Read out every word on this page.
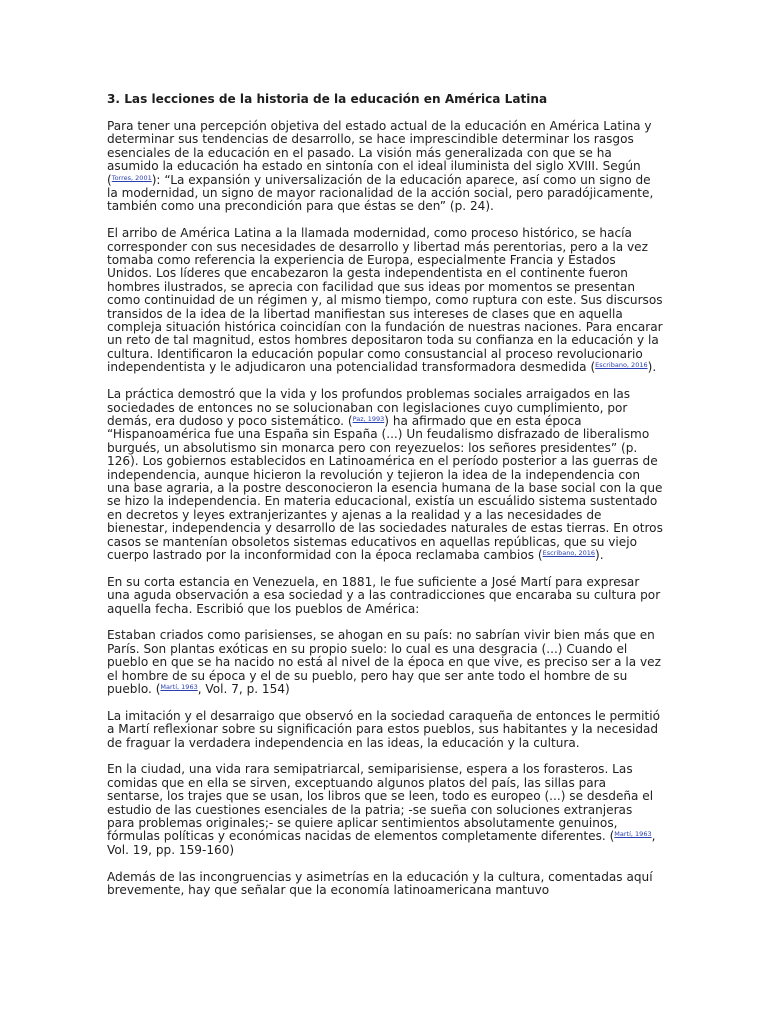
3. Las lecciones de la historia de la educación en América Latina

Para tener una percepción objetiva del estado actual de la educación en América Latina y determinar sus tendencias de desarrollo, se hace imprescindible determinar los rasgos esenciales de la educación en el pasado. La visión más generalizada con que se ha asumido la educación ha estado en sintonía con el ideal iluminista del siglo XVIII. Según ($^{Torres, 2001}$): “La expansión y universalización de la educación aparece, así como un signo de la modernidad, un signo de mayor racionalidad de la acción social, pero paradójicamente, también como una precondición para que éstas se den” (p. 24).

El arribo de América Latina a la llamada modernidad, como proceso histórico, se hacía corresponder con sus necesidades de desarrollo y libertad más perentorias, pero a la vez tomaba como referencia la experiencia de Europa, especialmente Francia y Estados Unidos. Los líderes que encabezaron la gesta independentista en el continente fueron hombres ilustrados, se aprecia con facilidad que sus ideas por momentos se presentan como continuidad de un régimen y, al mismo tiempo, como ruptura con este. Sus discursos transidos de la idea de la libertad manifiestan sus intereses de clases que en aquella compleja situación histórica coincidían con la fundación de nuestras naciones. Para encarar un reto de tal magnitud, estos hombres depositaron toda su confianza en la educación y la cultura. Identificaron la educación popular como consustancial al proceso revolucionario independentista y le adjudicaron una potencialidad transformadora desmedida ($^{Escribano, 2016}$).

La práctica demostró que la vida y los profundos problemas sociales arraigados en las sociedades de entonces no se solucionaban con legislaciones cuyo cumplimiento, por demás, era dudoso y poco sistemático. ($^{Paz, 1993}$) ha afirmado que en esta época “Hispanoamérica fue una España sin España (...) Un feudalismo disfrazado de liberalismo burgués, un absolutismo sin monarca pero con reyezuelos: los señores presidentes” (p. 126). Los gobiernos establecidos en Latinoamérica en el período posterior a las guerras de independencia, aunque hicieron la revolución y tejieron la idea de la independencia con una base agraria, a la postre desconocieron la esencia humana de la base social con la que se hizo la independencia. En materia educacional, existía un escuálido sistema sustentado en decretos y leyes extranjerizantes y ajenas a la realidad y a las necesidades de bienestar, independencia y desarrollo de las sociedades naturales de estas tierras. En otros casos se mantenían obsoletos sistemas educativos en aquellas repúblicas, que su viejo cuerpo lastrado por la inconformidad con la época reclamaba cambios ($^{Escribano, 2016}$).

En su corta estancia en Venezuela, en 1881, le fue suficiente a José Martí para expresar una aguda observación a esa sociedad y a las contradicciones que encaraba su cultura por aquella fecha. Escribió que los pueblos de América:

Estaban criados como parisienses, se ahogan en su país: no sabrían vivir bien más que en París. Son plantas exóticas en su propio suelo: lo cual es una desgracia (...) Cuando el pueblo en que se ha nacido no está al nivel de la época en que vive, es preciso ser a la vez el hombre de su época y el de su pueblo, pero hay que ser ante todo el hombre de su pueblo. ($^{Martí, 1963}$, Vol. 7, p. 154)

La imitación y el desarraigo que observó en la sociedad caraqueña de entonces le permitió a Martí reflexionar sobre su significación para estos pueblos, sus habitantes y la necesidad de fraguar la verdadera independencia en las ideas, la educación y la cultura.

En la ciudad, una vida rara semipatriarcal, semiparisiense, espera a los forasteros. Las comidas que en ella se sirven, exceptuando algunos platos del país, las sillas para sentarse, los trajes que se usan, los libros que se leen, todo es europeo (...) se desdeña el estudio de las cuestiones esenciales de la patria; -se sueña con soluciones extranjeras para problemas originales;- se quiere aplicar sentimientos absolutamente genuinos, fórmulas políticas y económicas nacidas de elementos completamente diferentes. ($^{Martí, 1963}$, Vol. 19, pp. 159-160)

Además de las incongruencias y asimetrías en la educación y la cultura, comentadas aquí brevemente, hay que señalar que la economía latinoamericana mantuvo
